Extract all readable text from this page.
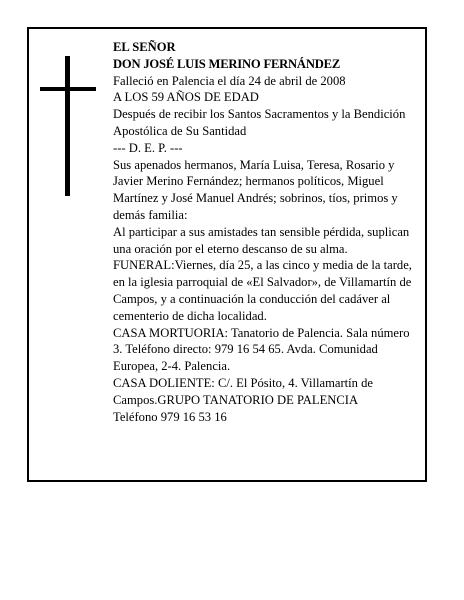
EL SEÑOR

DON JOSÉ LUIS MERINO FERNÁNDEZ

Falleció en Palencia el día 24 de abril de 2008

A LOS 59 AÑOS DE EDAD

Después de recibir los Santos Sacramentos y la Bendición Apostólica de Su Santidad

--- D. E. P. ---

Sus apenados hermanos, María Luisa, Teresa, Rosario y Javier Merino Fernández; hermanos políticos, Miguel Martínez y José Manuel Andrés; sobrinos, tíos, primos y demás familia:

Al participar a sus amistades tan sensible pérdida, suplican una oración por el eterno descanso de su alma.

FUNERAL:Viernes, día 25, a las cinco y media de la tarde, en la iglesia parroquial de «El Salvador», de Villamartín de Campos, y a continuación la conducción del cadáver al cementerio de dicha localidad.

CASA MORTUORIA: Tanatorio de Palencia. Sala número 3. Teléfono directo: 979 16 54 65. Avda. Comunidad Europea, 2-4. Palencia.

CASA DOLIENTE: C/. El Pósito, 4. Villamartín de Campos.GRUPO TANATORIO DE PALENCIA

Teléfono 979 16 53 16
